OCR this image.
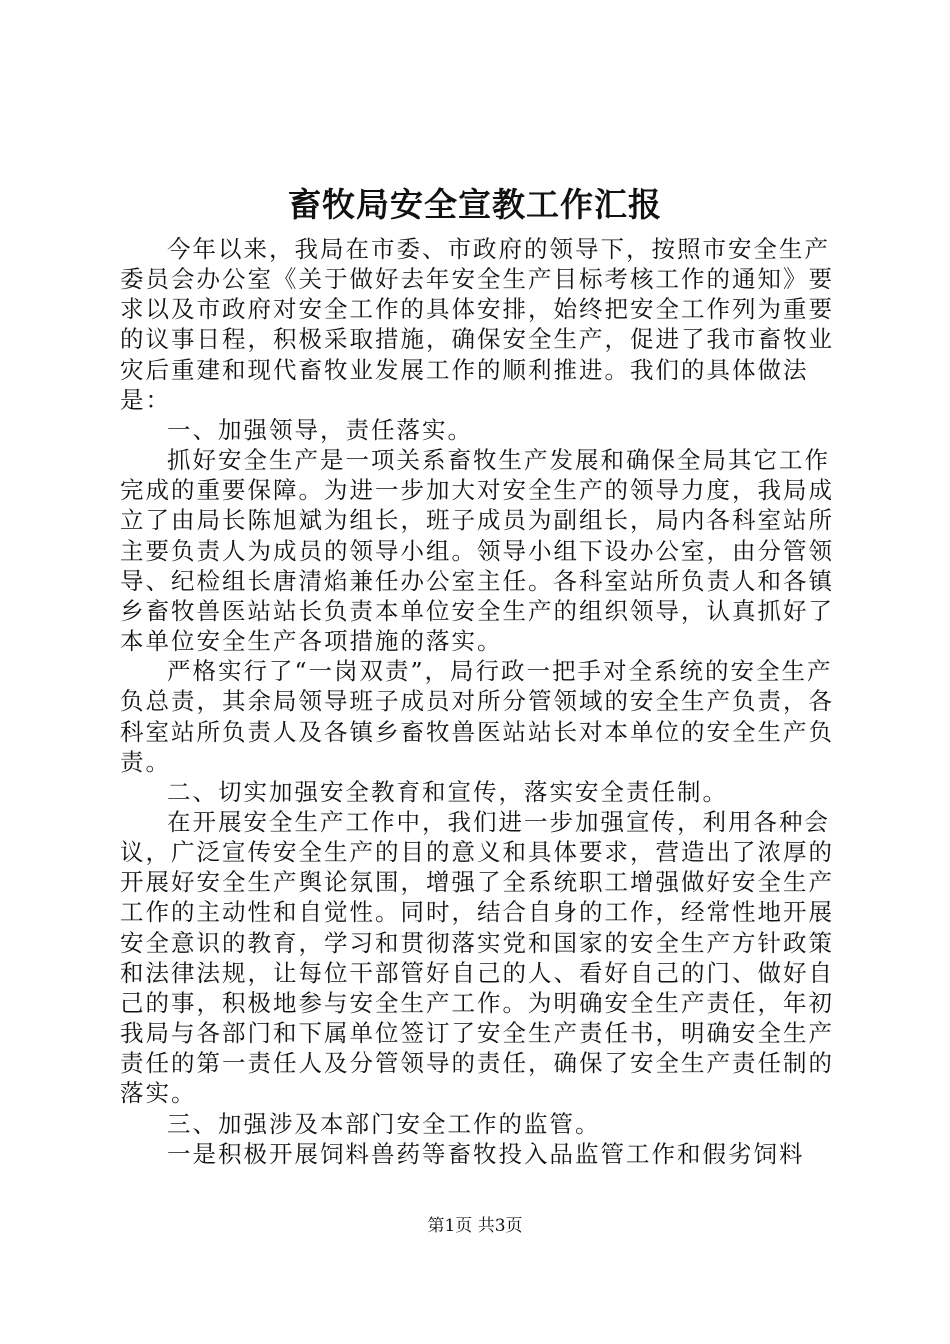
畜牧局安全宣教工作汇报

今年以来，我局在市委、市政府的领导下，按照市安全生产委员会办公室《关于做好去年安全生产目标考核工作的通知》要求以及市政府对安全工作的具体安排，始终把安全工作列为重要的议事日程，积极采取措施，确保安全生产，促进了我市畜牧业灾后重建和现代畜牧业发展工作的顺利推进。我们的具体做法是：

一、加强领导，责任落实。

抓好安全生产是一项关系畜牧生产发展和确保全局其它工作完成的重要保障。为进一步加大对安全生产的领导力度，我局成立了由局长陈旭斌为组长，班子成员为副组长，局内各科室站所主要负责人为成员的领导小组。领导小组下设办公室，由分管领导、纪检组长唐清焰兼任办公室主任。各科室站所负责人和各镇乡畜牧兽医站站长负责本单位安全生产的组织领导，认真抓好了本单位安全生产各项措施的落实。

严格实行了“一岗双责”，局行政一把手对全系统的安全生产负总责，其余局领导班子成员对所分管领域的安全生产负责，各科室站所负责人及各镇乡畜牧兽医站站长对本单位的安全生产负责。

二、切实加强安全教育和宣传，落实安全责任制。

在开展安全生产工作中，我们进一步加强宣传，利用各种会议，广泛宣传安全生产的目的意义和具体要求，营造出了浓厚的开展好安全生产舆论氛围，增强了全系统职工增强做好安全生产工作的主动性和自觉性。同时，结合自身的工作，经常性地开展安全意识的教育，学习和贯彻落实党和国家的安全生产方针政策和法律法规，让每位干部管好自己的人、看好自己的门、做好自己的事，积极地参与安全生产工作。为明确安全生产责任，年初我局与各部门和下属单位签订了安全生产责任书，明确安全生产责任的第一责任人及分管领导的责任，确保了安全生产责任制的落实。

三、加强涉及本部门安全工作的监管。

一是积极开展饲料兽药等畜牧投入品监管工作和假劣饲料

第1页 共3页
